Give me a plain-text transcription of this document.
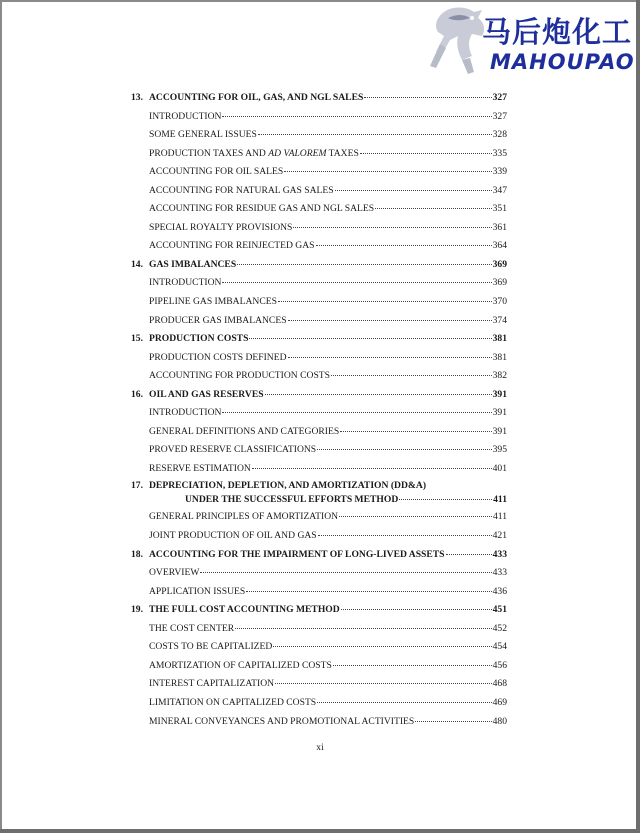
马后炮化工
MAHOUPAO
13. ACCOUNTING FOR OIL, GAS, AND NGL SALES	327
INTRODUCTION	327
SOME GENERAL ISSUES	328
PRODUCTION TAXES AND AD VALOREM TAXES	335
ACCOUNTING FOR OIL SALES	339
ACCOUNTING FOR NATURAL GAS SALES	347
ACCOUNTING FOR RESIDUE GAS AND NGL SALES	351
SPECIAL ROYALTY PROVISIONS	361
ACCOUNTING FOR REINJECTED GAS	364
14. GAS IMBALANCES	369
INTRODUCTION	369
PIPELINE GAS IMBALANCES	370
PRODUCER GAS IMBALANCES	374
15. PRODUCTION COSTS	381
PRODUCTION COSTS DEFINED	381
ACCOUNTING FOR PRODUCTION COSTS	382
16. OIL AND GAS RESERVES	391
INTRODUCTION	391
GENERAL DEFINITIONS AND CATEGORIES	391
PROVED RESERVE CLASSIFICATIONS	395
RESERVE ESTIMATION	401
17. DEPRECIATION, DEPLETION, AND AMORTIZATION (DD&A)
UNDER THE SUCCESSFUL EFFORTS METHOD	411
GENERAL PRINCIPLES OF AMORTIZATION	411
JOINT PRODUCTION OF OIL AND GAS	421
18. ACCOUNTING FOR THE IMPAIRMENT OF LONG-LIVED ASSETS	433
OVERVIEW	433
APPLICATION ISSUES	436
19. THE FULL COST ACCOUNTING METHOD	451
THE COST CENTER	452
COSTS TO BE CAPITALIZED	454
AMORTIZATION OF CAPITALIZED COSTS	456
INTEREST CAPITALIZATION	468
LIMITATION ON CAPITALIZED COSTS	469
MINERAL CONVEYANCES AND PROMOTIONAL ACTIVITIES	480
xi
